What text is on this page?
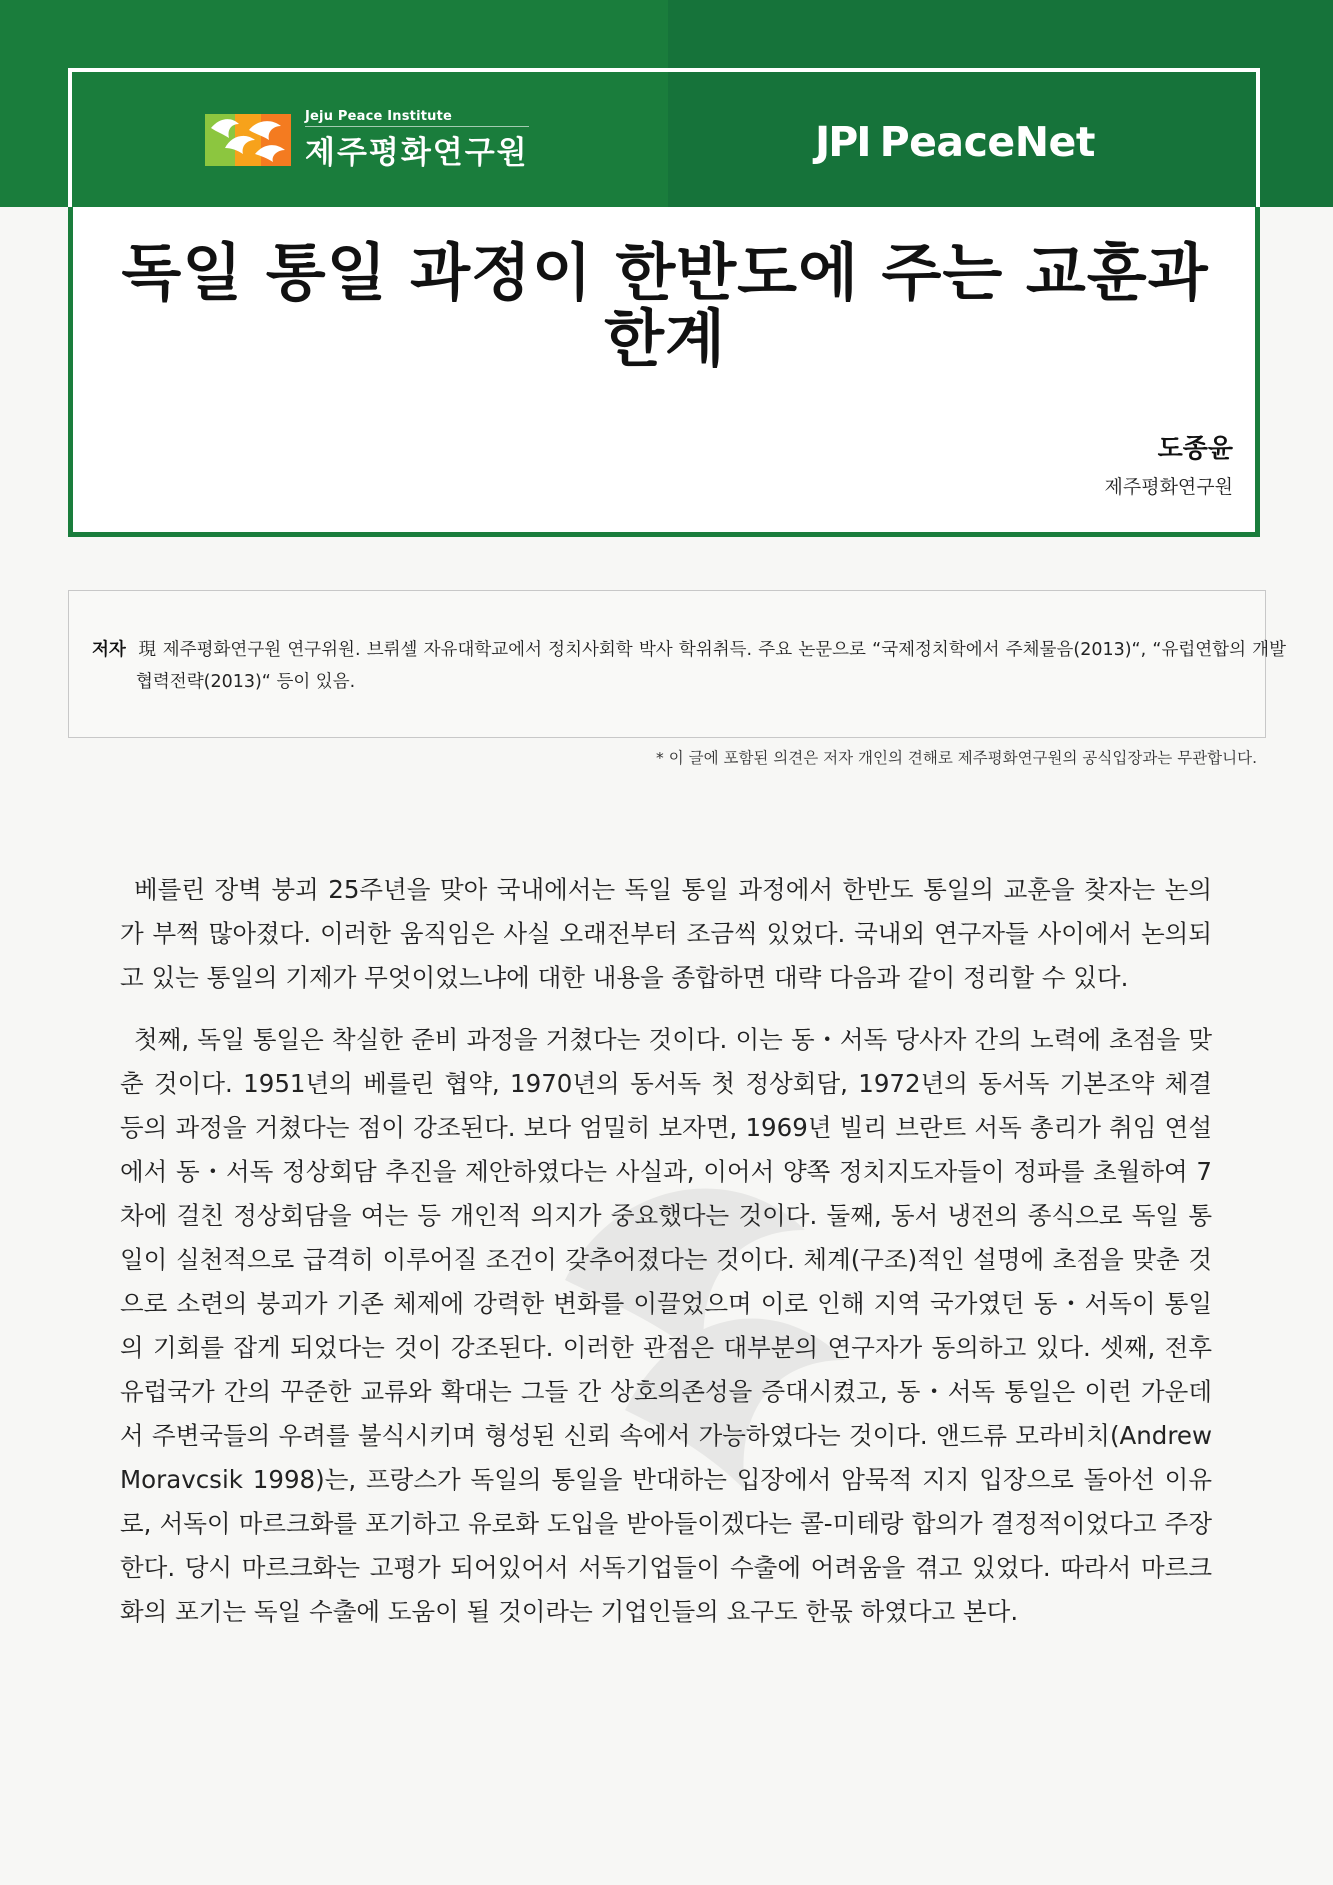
Jeju Peace Institute
제주평화연구원	JPI PeaceNet
독일 통일 과정이 한반도에 주는 교훈과 한계
도종윤
제주평화연구원
저자 現 제주평화연구원 연구위원. 브뤼셀 자유대학교에서 정치사회학 박사 학위취득. 주요 논문으로 “국제정치학에서 주체물음(2013)“, “유럽연합의 개발협력전략(2013)“ 등이 있음.
* 이 글에 포함된 의견은 저자 개인의 견해로 제주평화연구원의 공식입장과는 무관합니다.

베를린 장벽 붕괴 25주년을 맞아 국내에서는 독일 통일 과정에서 한반도 통일의 교훈을 찾자는 논의가 부쩍 많아졌다. 이러한 움직임은 사실 오래전부터 조금씩 있었다. 국내외 연구자들 사이에서 논의되고 있는 통일의 기제가 무엇이었느냐에 대한 내용을 종합하면 대략 다음과 같이 정리할 수 있다.

첫째, 독일 통일은 착실한 준비 과정을 거쳤다는 것이다. 이는 동・서독 당사자 간의 노력에 초점을 맞춘 것이다. 1951년의 베를린 협약, 1970년의 동서독 첫 정상회담, 1972년의 동서독 기본조약 체결 등의 과정을 거쳤다는 점이 강조된다. 보다 엄밀히 보자면, 1969년 빌리 브란트 서독 총리가 취임 연설에서 동・서독 정상회담 추진을 제안하였다는 사실과, 이어서 양쪽 정치지도자들이 정파를 초월하여 7차에 걸친 정상회담을 여는 등 개인적 의지가 중요했다는 것이다. 둘째, 동서 냉전의 종식으로 독일 통일이 실천적으로 급격히 이루어질 조건이 갖추어졌다는 것이다. 체계(구조)적인 설명에 초점을 맞춘 것으로 소련의 붕괴가 기존 체제에 강력한 변화를 이끌었으며 이로 인해 지역 국가였던 동・서독이 통일의 기회를 잡게 되었다는 것이 강조된다. 이러한 관점은 대부분의 연구자가 동의하고 있다. 셋째, 전후 유럽국가 간의 꾸준한 교류와 확대는 그들 간 상호의존성을 증대시켰고, 동・서독 통일은 이런 가운데서 주변국들의 우려를 불식시키며 형성된 신뢰 속에서 가능하였다는 것이다. 앤드류 모라비치(Andrew Moravcsik 1998)는, 프랑스가 독일의 통일을 반대하는 입장에서 암묵적 지지 입장으로 돌아선 이유로, 서독이 마르크화를 포기하고 유로화 도입을 받아들이겠다는 콜-미테랑 합의가 결정적이었다고 주장한다. 당시 마르크화는 고평가 되어있어서 서독기업들이 수출에 어려움을 겪고 있었다. 따라서 마르크화의 포기는 독일 수출에 도움이 될 것이라는 기업인들의 요구도 한몫 하였다고 본다.
